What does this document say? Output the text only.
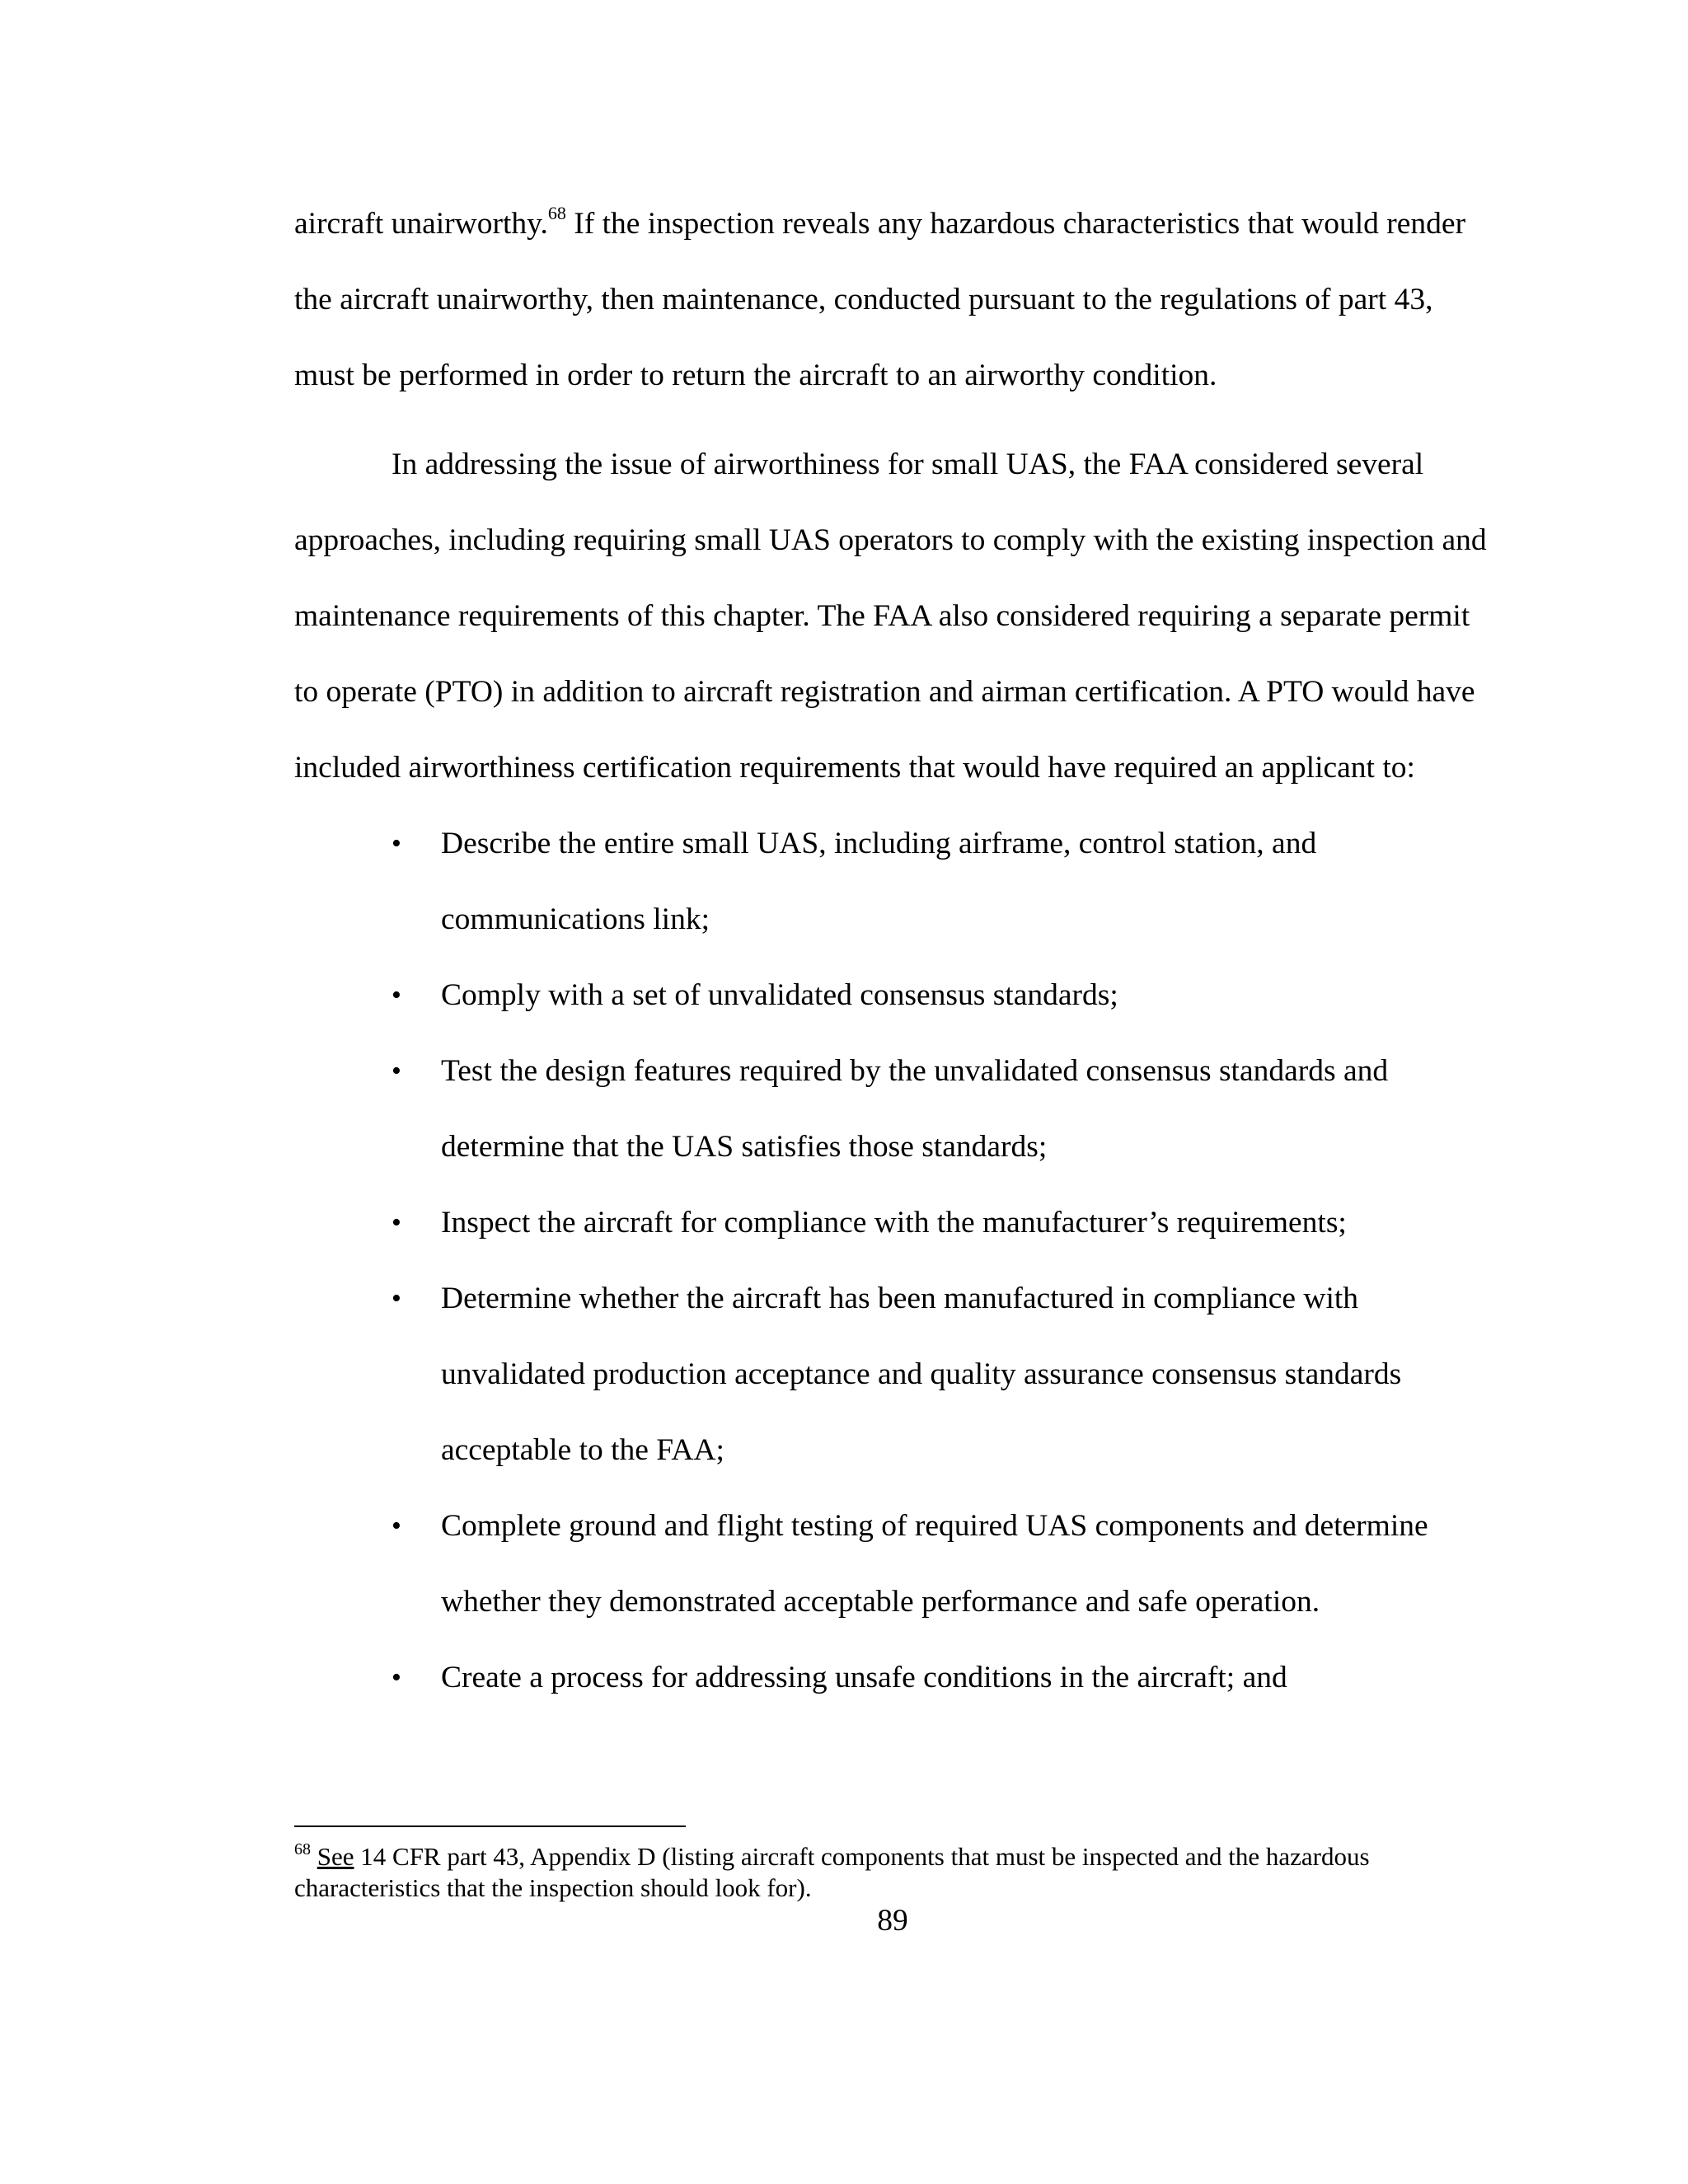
aircraft unairworthy.$^{68}$ If the inspection reveals any hazardous characteristics that would render the aircraft unairworthy, then maintenance, conducted pursuant to the regulations of part 43, must be performed in order to return the aircraft to an airworthy condition.

In addressing the issue of airworthiness for small UAS, the FAA considered several approaches, including requiring small UAS operators to comply with the existing inspection and maintenance requirements of this chapter. The FAA also considered requiring a separate permit to operate (PTO) in addition to aircraft registration and airman certification. A PTO would have included airworthiness certification requirements that would have required an applicant to:

• Describe the entire small UAS, including airframe, control station, and communications link;
• Comply with a set of unvalidated consensus standards;
• Test the design features required by the unvalidated consensus standards and determine that the UAS satisfies those standards;
• Inspect the aircraft for compliance with the manufacturer’s requirements;
• Determine whether the aircraft has been manufactured in compliance with unvalidated production acceptance and quality assurance consensus standards acceptable to the FAA;
• Complete ground and flight testing of required UAS components and determine whether they demonstrated acceptable performance and safe operation.
• Create a process for addressing unsafe conditions in the aircraft; and

$^{68}$ See 14 CFR part 43, Appendix D (listing aircraft components that must be inspected and the hazardous characteristics that the inspection should look for).

89
